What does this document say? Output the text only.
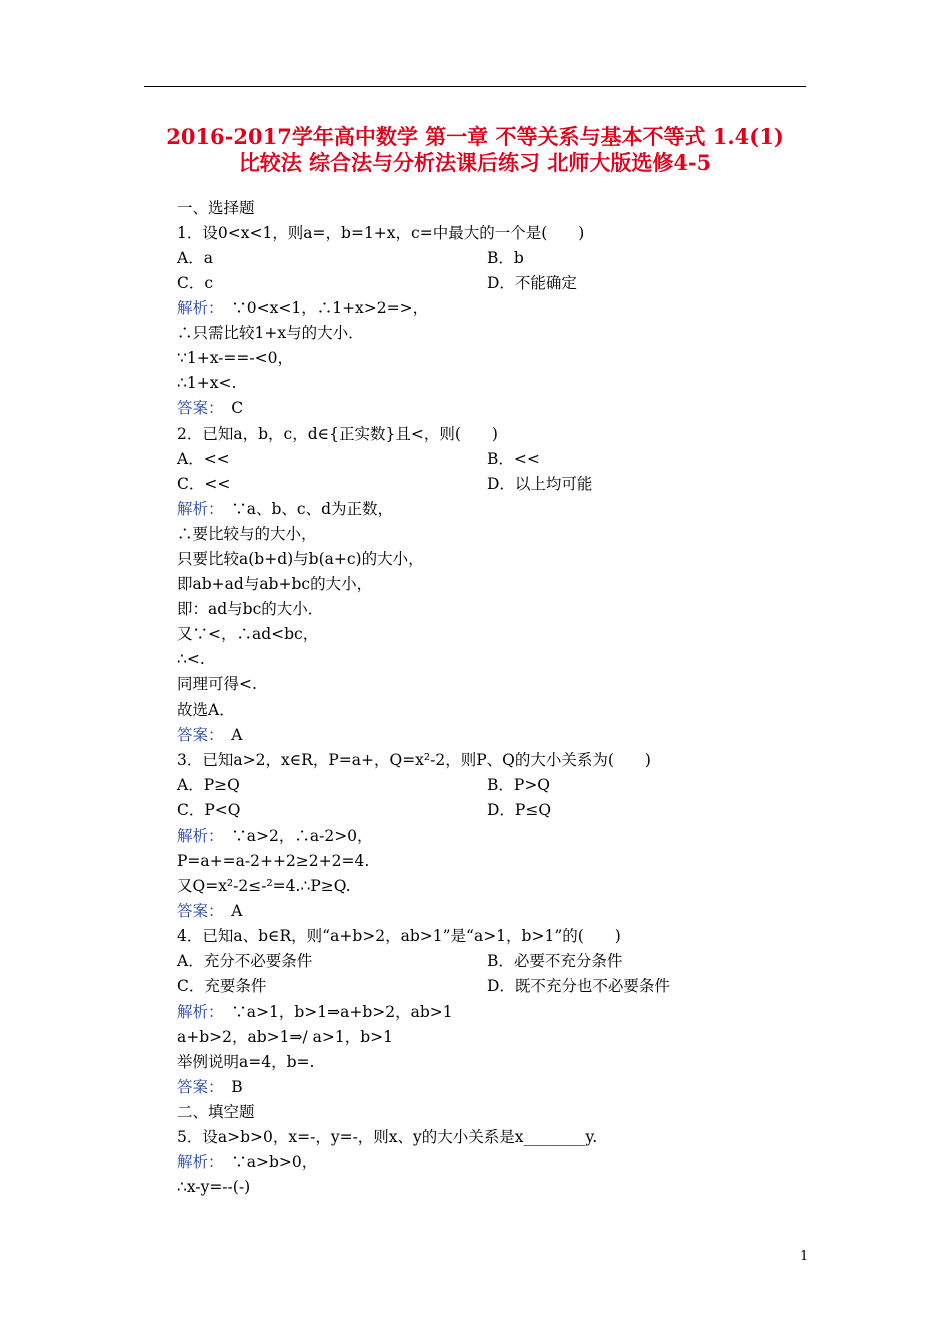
2016-2017学年高中数学 第一章 不等关系与基本不等式 1.4(1)
比较法 综合法与分析法课后练习 北师大版选修4-5
一、选择题
1．设0<x<1，则a=，b=1+x，c=中最大的一个是(　　)
A．a	B．b
C．c	D．不能确定
解析：　∵0<x<1，∴1+x>2=>，
∴只需比较1+x与的大小．
∵1+x-==-<0，
∴1+x<.
答案：　C
2．已知a，b，c，d∈{正实数}且<，则(　　)
A．<<	B．<<
C．<<	D．以上均可能
解析：　∵a、b、c、d为正数，
∴要比较与的大小，
只要比较a(b+d)与b(a+c)的大小，
即ab+ad与ab+bc的大小，
即：ad与bc的大小．
又∵<，∴ad<bc，
∴<.
同理可得<.
故选A．
答案：　A
3．已知a>2，x∈R，P=a+，Q=x²-2，则P、Q的大小关系为(　　)
A．P≥Q	B．P>Q
C．P<Q	D．P≤Q
解析：　∵a>2，∴a-2>0，
P=a+=a-2++2≥2+2=4.
又Q=x²-2≤-²=4.∴P≥Q.
答案：　A
4．已知a、b∈R，则“a+b>2，ab>1”是“a>1，b>1”的(　　)
A．充分不必要条件	B．必要不充分条件
C．充要条件	D．既不充分也不必要条件
解析：　∵a>1，b>1⇒a+b>2，ab>1
a+b>2，ab>1⇒/ a>1，b>1
举例说明a=4，b=.
答案：　B
二、填空题
5．设a>b>0，x=-，y=-，则x、y的大小关系是x________y.
解析：　∵a>b>0，
∴x-y=--(-)
1
